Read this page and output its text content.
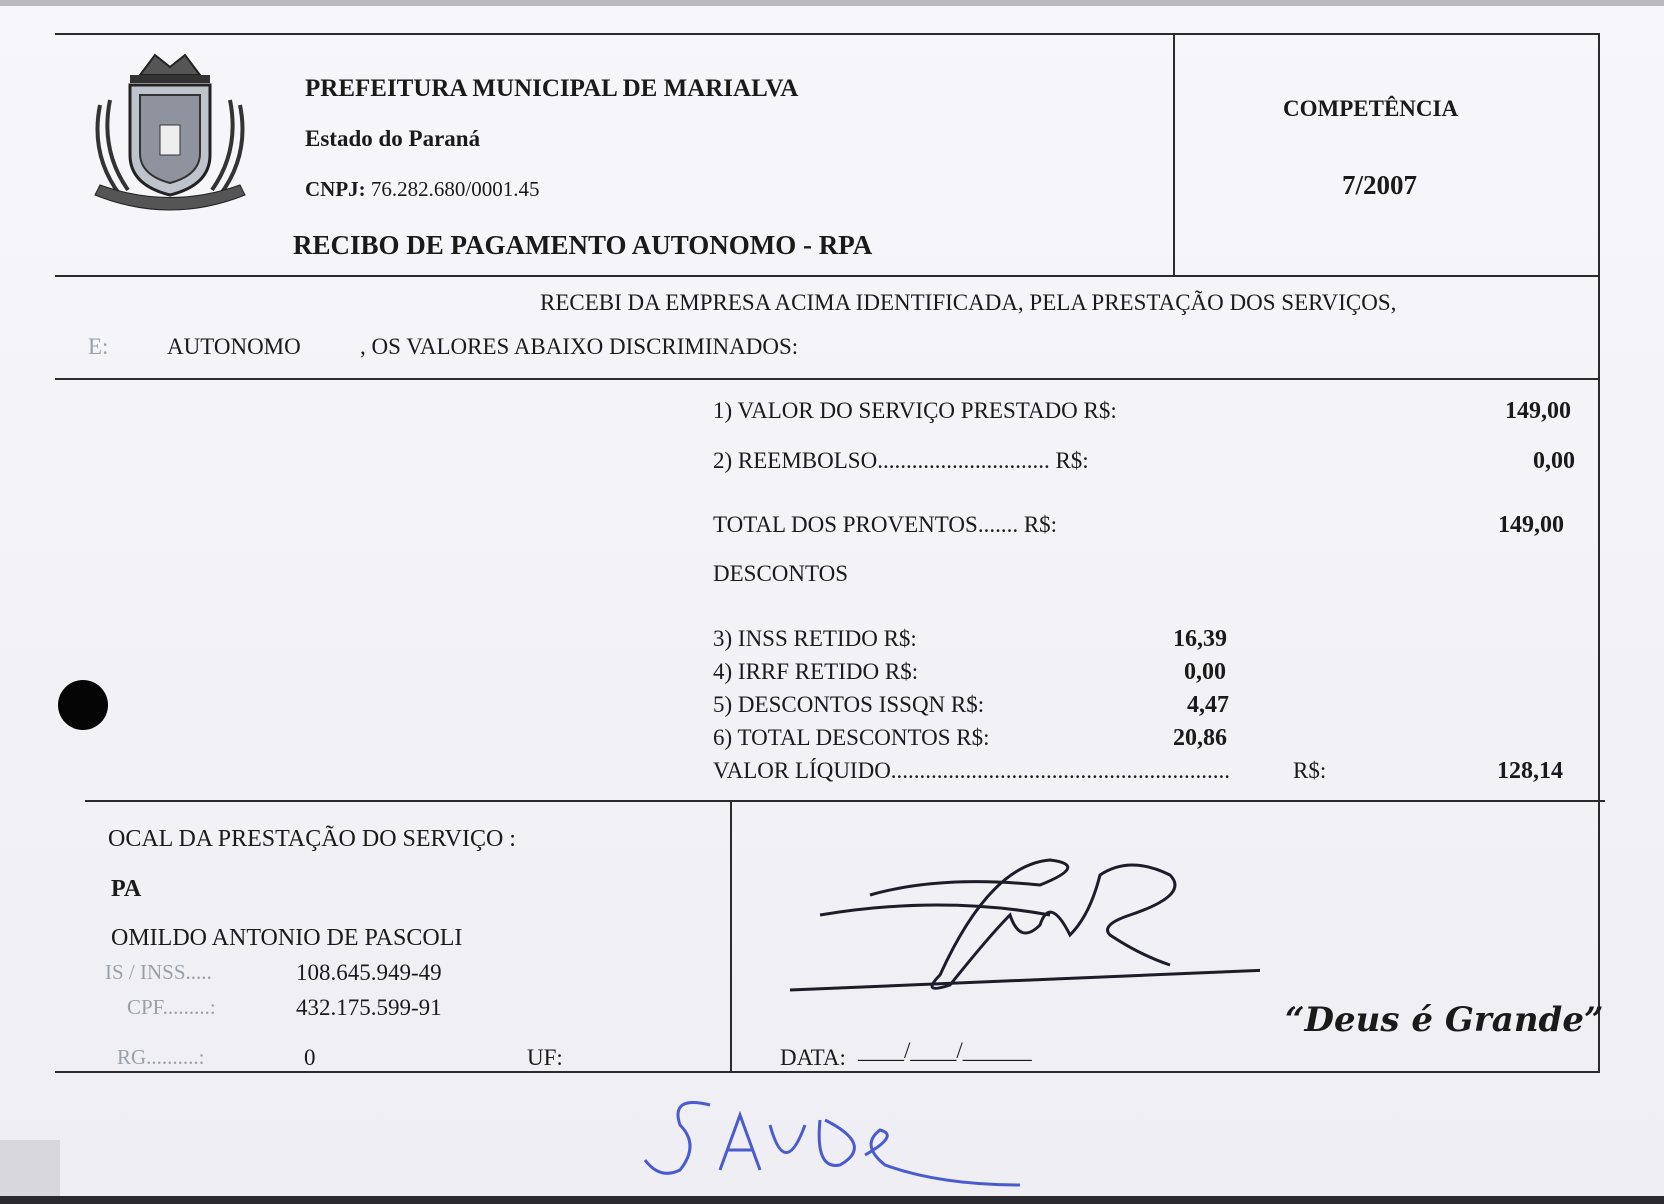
PREFEITURA MUNICIPAL DE MARIALVA
Estado do Paraná
CNPJ: 76.282.680/0001.45
RECIBO DE PAGAMENTO AUTONOMO - RPA
COMPETÊNCIA
7/2007
RECEBI DA EMPRESA ACIMA IDENTIFICADA, PELA PRESTAÇÃO DOS SERVIÇOS,
E:	AUTONOMO	, OS VALORES ABAIXO DISCRIMINADOS:
1) VALOR DO SERVIÇO PRESTADO R$:	149,00
2) REEMBOLSO.............................. R$:	0,00
TOTAL DOS PROVENTOS....... R$:	149,00
DESCONTOS
3) INSS RETIDO R$:	16,39
4) IRRF RETIDO R$:	0,00
5) DESCONTOS ISSQN R$:	4,47
6) TOTAL DESCONTOS R$:	20,86
VALOR LÍQUIDO...........................................................	R$:	128,14
OCAL DA PRESTAÇÃO DO SERVIÇO :
PA
OMILDO ANTONIO DE PASCOLI
IS / INSS.....	108.645.949-49
CPF.........:	432.175.599-91
RG..........:	0	UF:	DATA: ____/____/______
“Deus é Grande”
